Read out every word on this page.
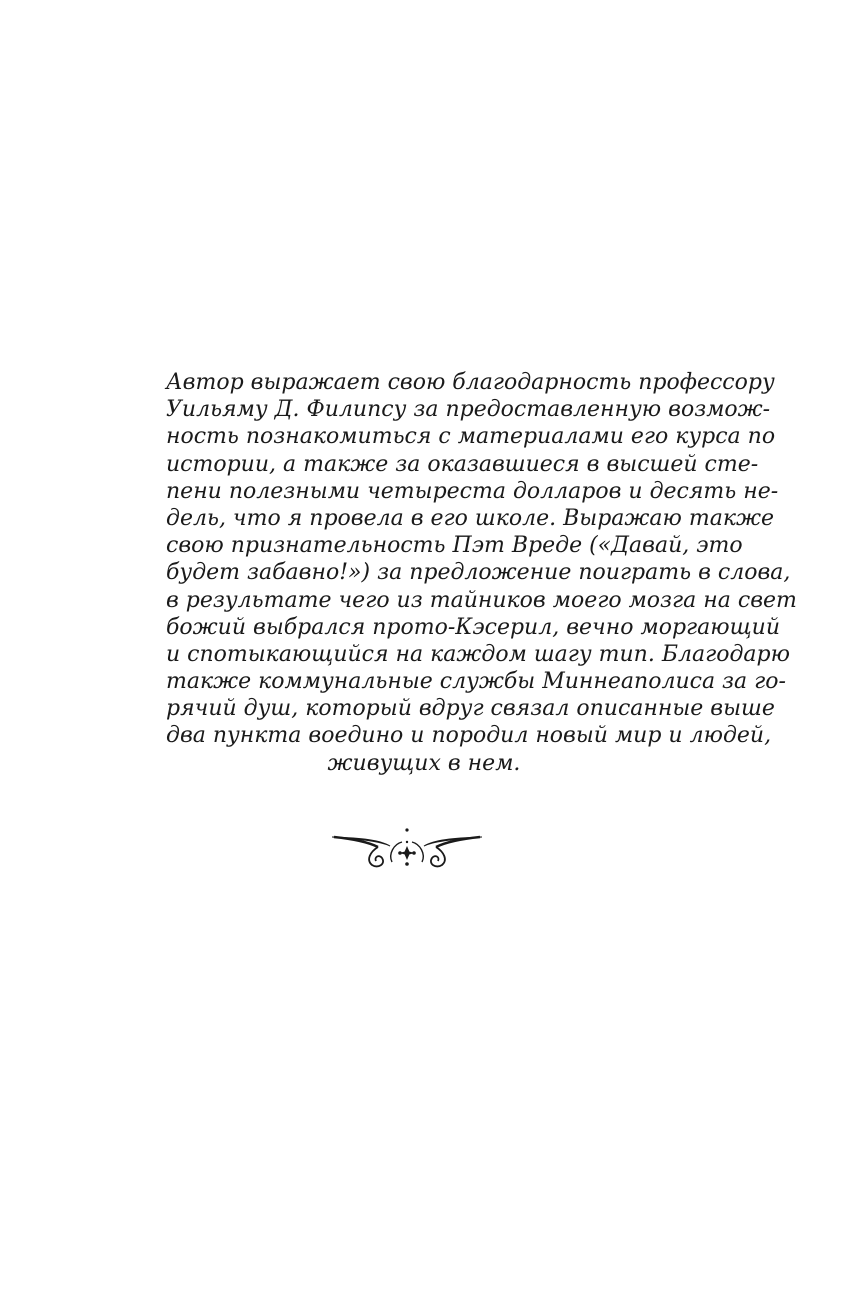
Автор выражает свою благодарность профессору
Уильяму Д. Филипсу за предоставленную возмож-
ность познакомиться с материалами его курса по
истории, а также за оказавшиеся в высшей сте-
пени полезными четыреста долларов и десять не-
дель, что я провела в его школе. Выражаю также
свою признательность Пэт Вреде («Давай, это
будет забавно!») за предложение поиграть в слова,
в результате чего из тайников моего мозга на свет
божий выбрался прото-Кэсерил, вечно моргающий
и спотыкающийся на каждом шагу тип. Благодарю
также коммунальные службы Миннеаполиса за го-
рячий душ, который вдруг связал описанные выше
два пункта воедино и породил новый мир и людей,
живущих в нем.
